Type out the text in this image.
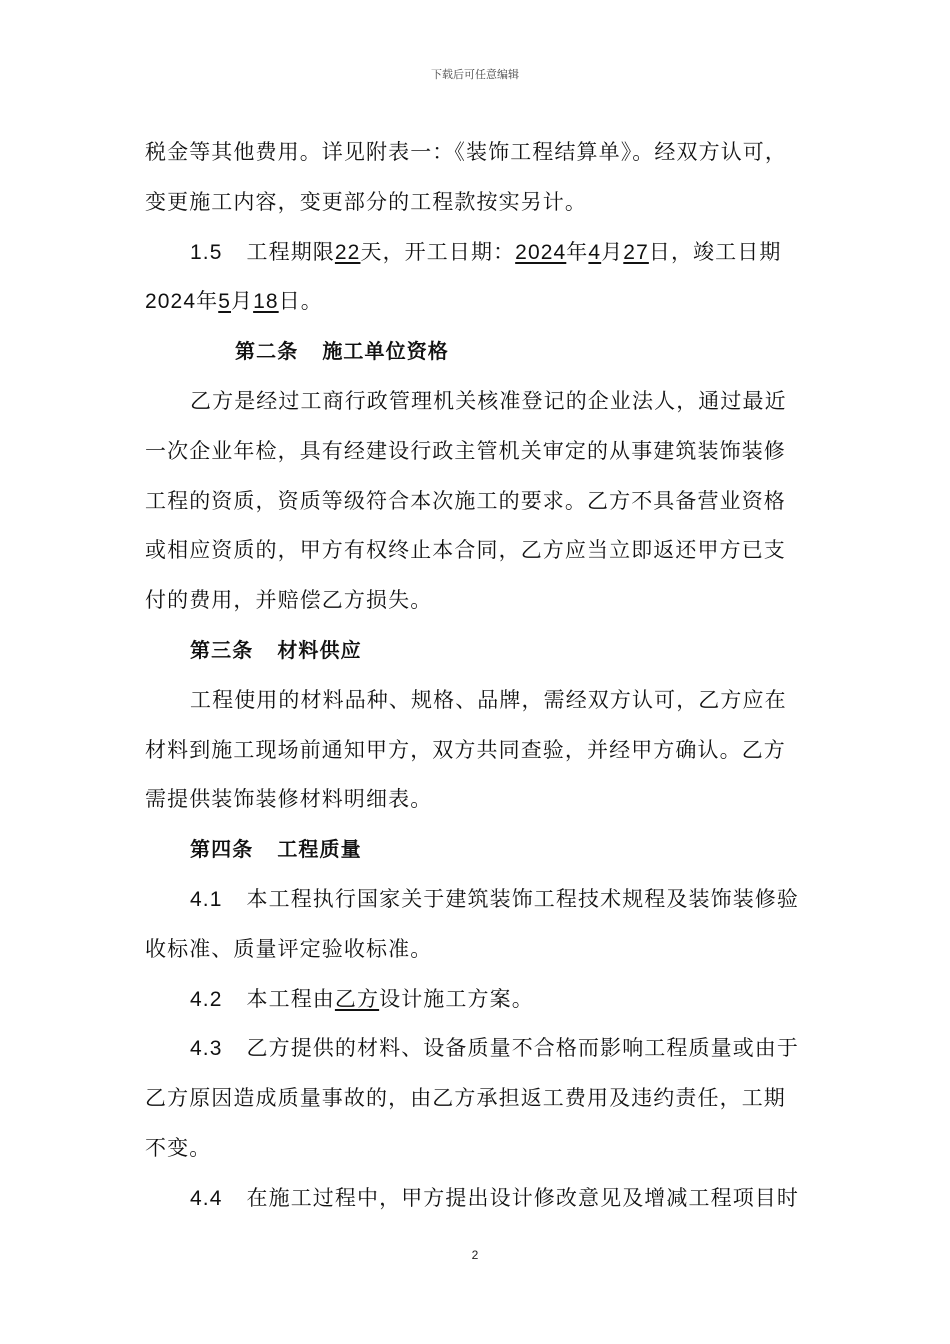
下载后可任意编辑

税金等其他费用。详见附表一：《装饰工程结算单》。经双方认可，

变更施工内容，变更部分的工程款按实另计。

1.5 工程期限22天，开工日期：2024年4月27日，竣工日期

2024年5月18日。

第二条 施工单位资格

乙方是经过工商行政管理机关核准登记的企业法人，通过最近

一次企业年检，具有经建设行政主管机关审定的从事建筑装饰装修

工程的资质，资质等级符合本次施工的要求。乙方不具备营业资格

或相应资质的，甲方有权终止本合同，乙方应当立即返还甲方已支

付的费用，并赔偿乙方损失。

第三条 材料供应

工程使用的材料品种、规格、品牌，需经双方认可，乙方应在

材料到施工现场前通知甲方，双方共同查验，并经甲方确认。乙方

需提供装饰装修材料明细表。

第四条 工程质量

4.1 本工程执行国家关于建筑装饰工程技术规程及装饰装修验

收标准、质量评定验收标准。

4.2 本工程由乙方设计施工方案。

4.3 乙方提供的材料、设备质量不合格而影响工程质量或由于

乙方原因造成质量事故的，由乙方承担返工费用及违约责任，工期

不变。

4.4 在施工过程中，甲方提出设计修改意见及增减工程项目时

2
